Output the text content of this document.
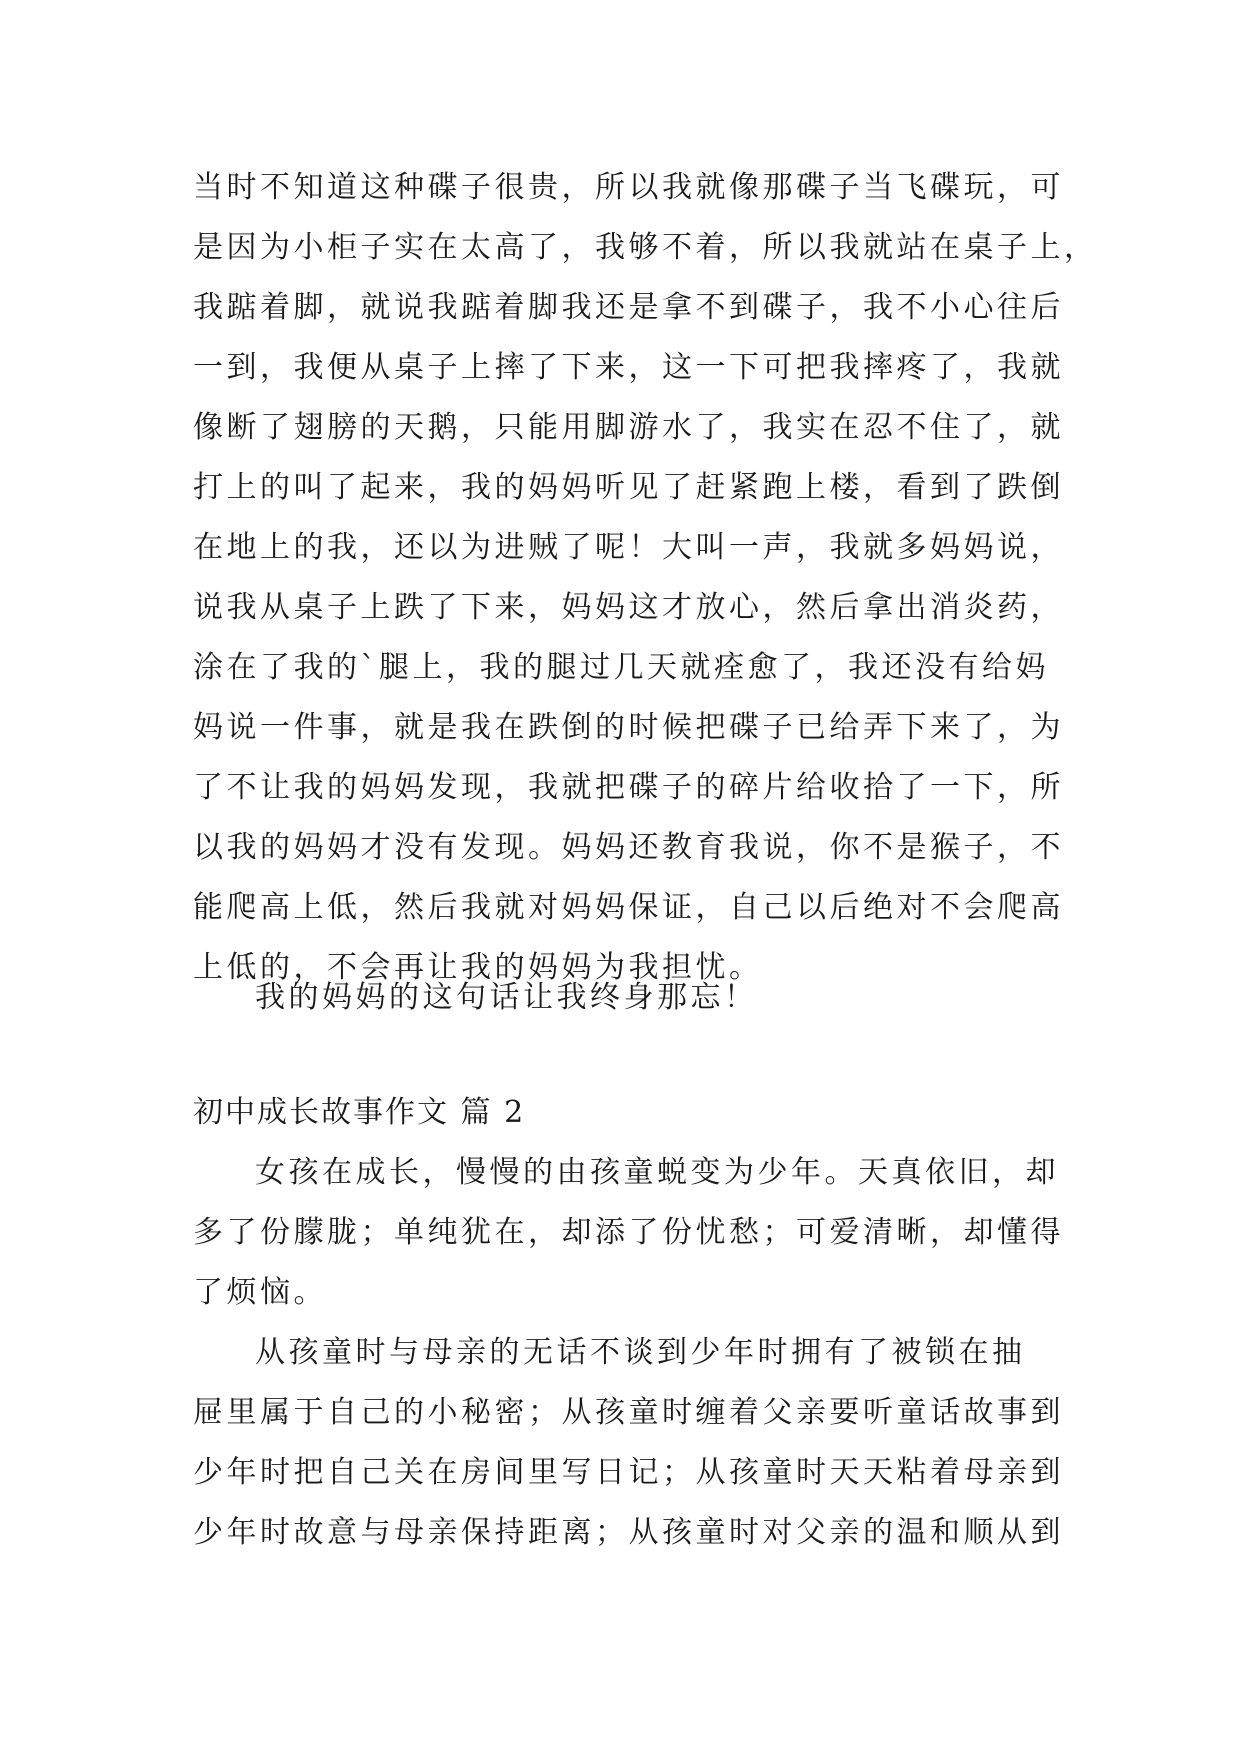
当时不知道这种碟子很贵，所以我就像那碟子当飞碟玩，可
是因为小柜子实在太高了，我够不着，所以我就站在桌子上，
我踮着脚，就说我踮着脚我还是拿不到碟子，我不小心往后
一到，我便从桌子上摔了下来，这一下可把我摔疼了，我就
像断了翅膀的天鹅，只能用脚游水了，我实在忍不住了，就
打上的叫了起来，我的妈妈听见了赶紧跑上楼，看到了跌倒
在地上的我，还以为进贼了呢！大叫一声，我就多妈妈说，
说我从桌子上跌了下来，妈妈这才放心，然后拿出消炎药，
涂在了我的`腿上，我的腿过几天就痊愈了，我还没有给妈
妈说一件事，就是我在跌倒的时候把碟子已给弄下来了，为
了不让我的妈妈发现，我就把碟子的碎片给收拾了一下，所
以我的妈妈才没有发现。妈妈还教育我说，你不是猴子，不
能爬高上低，然后我就对妈妈保证，自己以后绝对不会爬高
上低的，不会再让我的妈妈为我担忧。
我的妈妈的这句话让我终身那忘！
初中成长故事作文 篇 2
女孩在成长，慢慢的由孩童蜕变为少年。天真依旧，却
多了份朦胧；单纯犹在，却添了份忧愁；可爱清晰，却懂得
了烦恼。
从孩童时与母亲的无话不谈到少年时拥有了被锁在抽
屉里属于自己的小秘密；从孩童时缠着父亲要听童话故事到
少年时把自己关在房间里写日记；从孩童时天天粘着母亲到
少年时故意与母亲保持距离；从孩童时对父亲的温和顺从到
